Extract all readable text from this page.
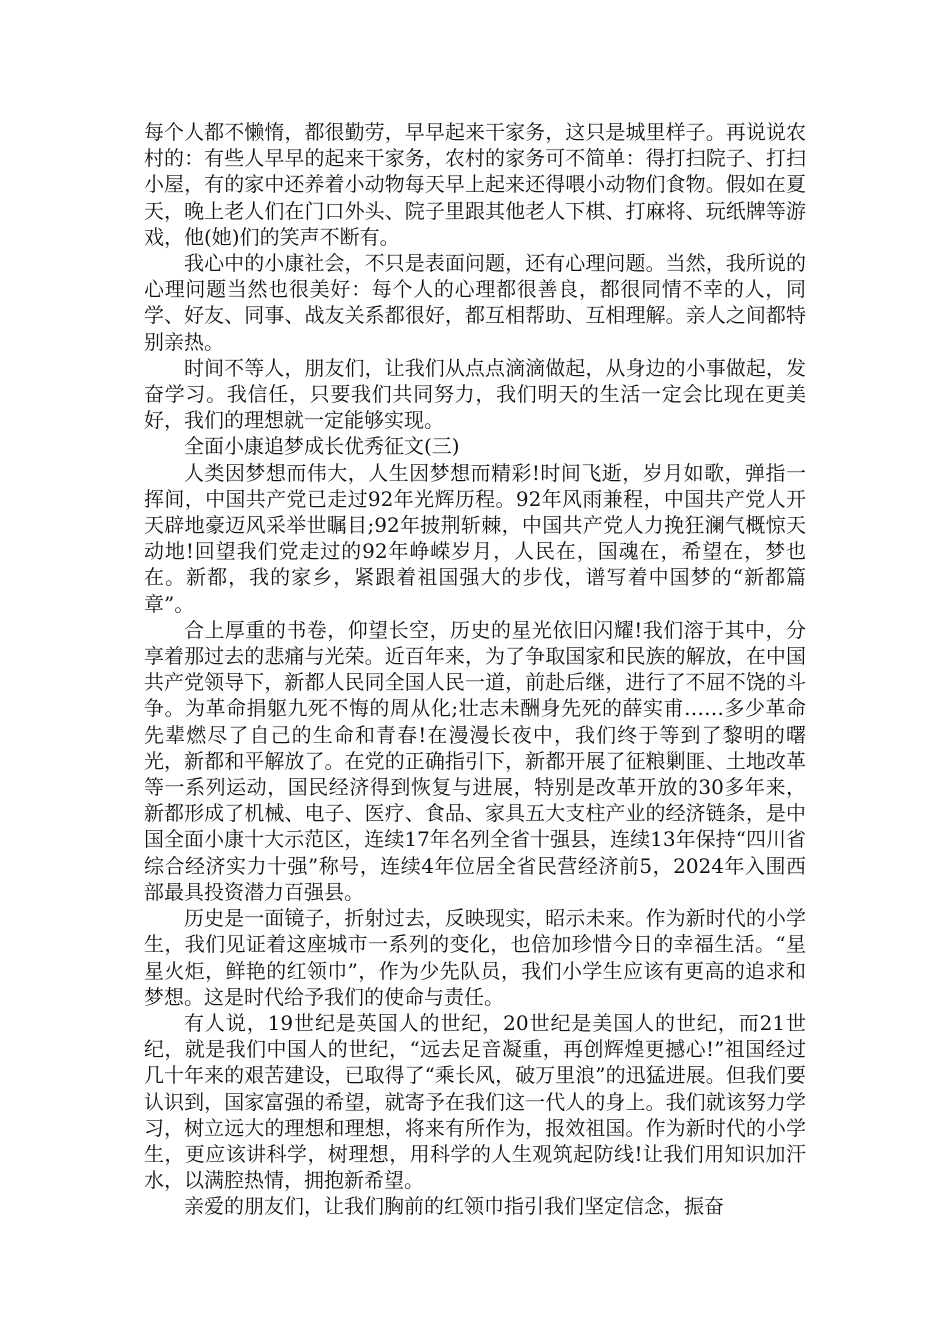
每个人都不懒惰，都很勤劳，早早起来干家务，这只是城里样子。再说说农村的：有些人早早的起来干家务，农村的家务可不简单：得打扫院子、打扫小屋，有的家中还养着小动物每天早上起来还得喂小动物们食物。假如在夏天，晚上老人们在门口外头、院子里跟其他老人下棋、打麻将、玩纸牌等游戏，他(她)们的笑声不断有。

我心中的小康社会，不只是表面问题，还有心理问题。当然，我所说的心理问题当然也很美好：每个人的心理都很善良，都很同情不幸的人，同学、好友、同事、战友关系都很好，都互相帮助、互相理解。亲人之间都特别亲热。

时间不等人，朋友们，让我们从点点滴滴做起，从身边的小事做起，发奋学习。我信任，只要我们共同努力，我们明天的生活一定会比现在更美好，我们的理想就一定能够实现。

全面小康追梦成长优秀征文(三)

人类因梦想而伟大，人生因梦想而精彩!时间飞逝，岁月如歌，弹指一挥间，中国共产党已走过92年光辉历程。92年风雨兼程，中国共产党人开天辟地豪迈风采举世瞩目;92年披荆斩棘，中国共产党人力挽狂澜气概惊天动地!回望我们党走过的92年峥嵘岁月，人民在，国魂在，希望在，梦也在。新都，我的家乡，紧跟着祖国强大的步伐，谱写着中国梦的“新都篇章”。

合上厚重的书卷，仰望长空，历史的星光依旧闪耀!我们溶于其中，分享着那过去的悲痛与光荣。近百年来，为了争取国家和民族的解放，在中国共产党领导下，新都人民同全国人民一道，前赴后继，进行了不屈不饶的斗争。为革命捐躯九死不悔的周从化;壮志未酬身先死的薛实甫……多少革命先辈燃尽了自己的生命和青春!在漫漫长夜中，我们终于等到了黎明的曙光，新都和平解放了。在党的正确指引下，新都开展了征粮剿匪、土地改革等一系列运动，国民经济得到恢复与进展，特别是改革开放的30多年来，新都形成了机械、电子、医疗、食品、家具五大支柱产业的经济链条，是中国全面小康十大示范区，连续17年名列全省十强县，连续13年保持“四川省综合经济实力十强”称号，连续4年位居全省民营经济前5，2024年入围西部最具投资潜力百强县。

历史是一面镜子，折射过去，反映现实，昭示未来。作为新时代的小学生，我们见证着这座城市一系列的变化，也倍加珍惜今日的幸福生活。“星星火炬，鲜艳的红领巾”，作为少先队员，我们小学生应该有更高的追求和梦想。这是时代给予我们的使命与责任。

有人说，19世纪是英国人的世纪，20世纪是美国人的世纪，而21世纪，就是我们中国人的世纪，“远去足音凝重，再创辉煌更撼心!”祖国经过几十年来的艰苦建设，已取得了“乘长风，破万里浪”的迅猛进展。但我们要认识到，国家富强的希望，就寄予在我们这一代人的身上。我们就该努力学习，树立远大的理想和理想，将来有所作为，报效祖国。作为新时代的小学生，更应该讲科学，树理想，用科学的人生观筑起防线!让我们用知识加汗水，以满腔热情，拥抱新希望。

亲爱的朋友们，让我们胸前的红领巾指引我们坚定信念，振奋
